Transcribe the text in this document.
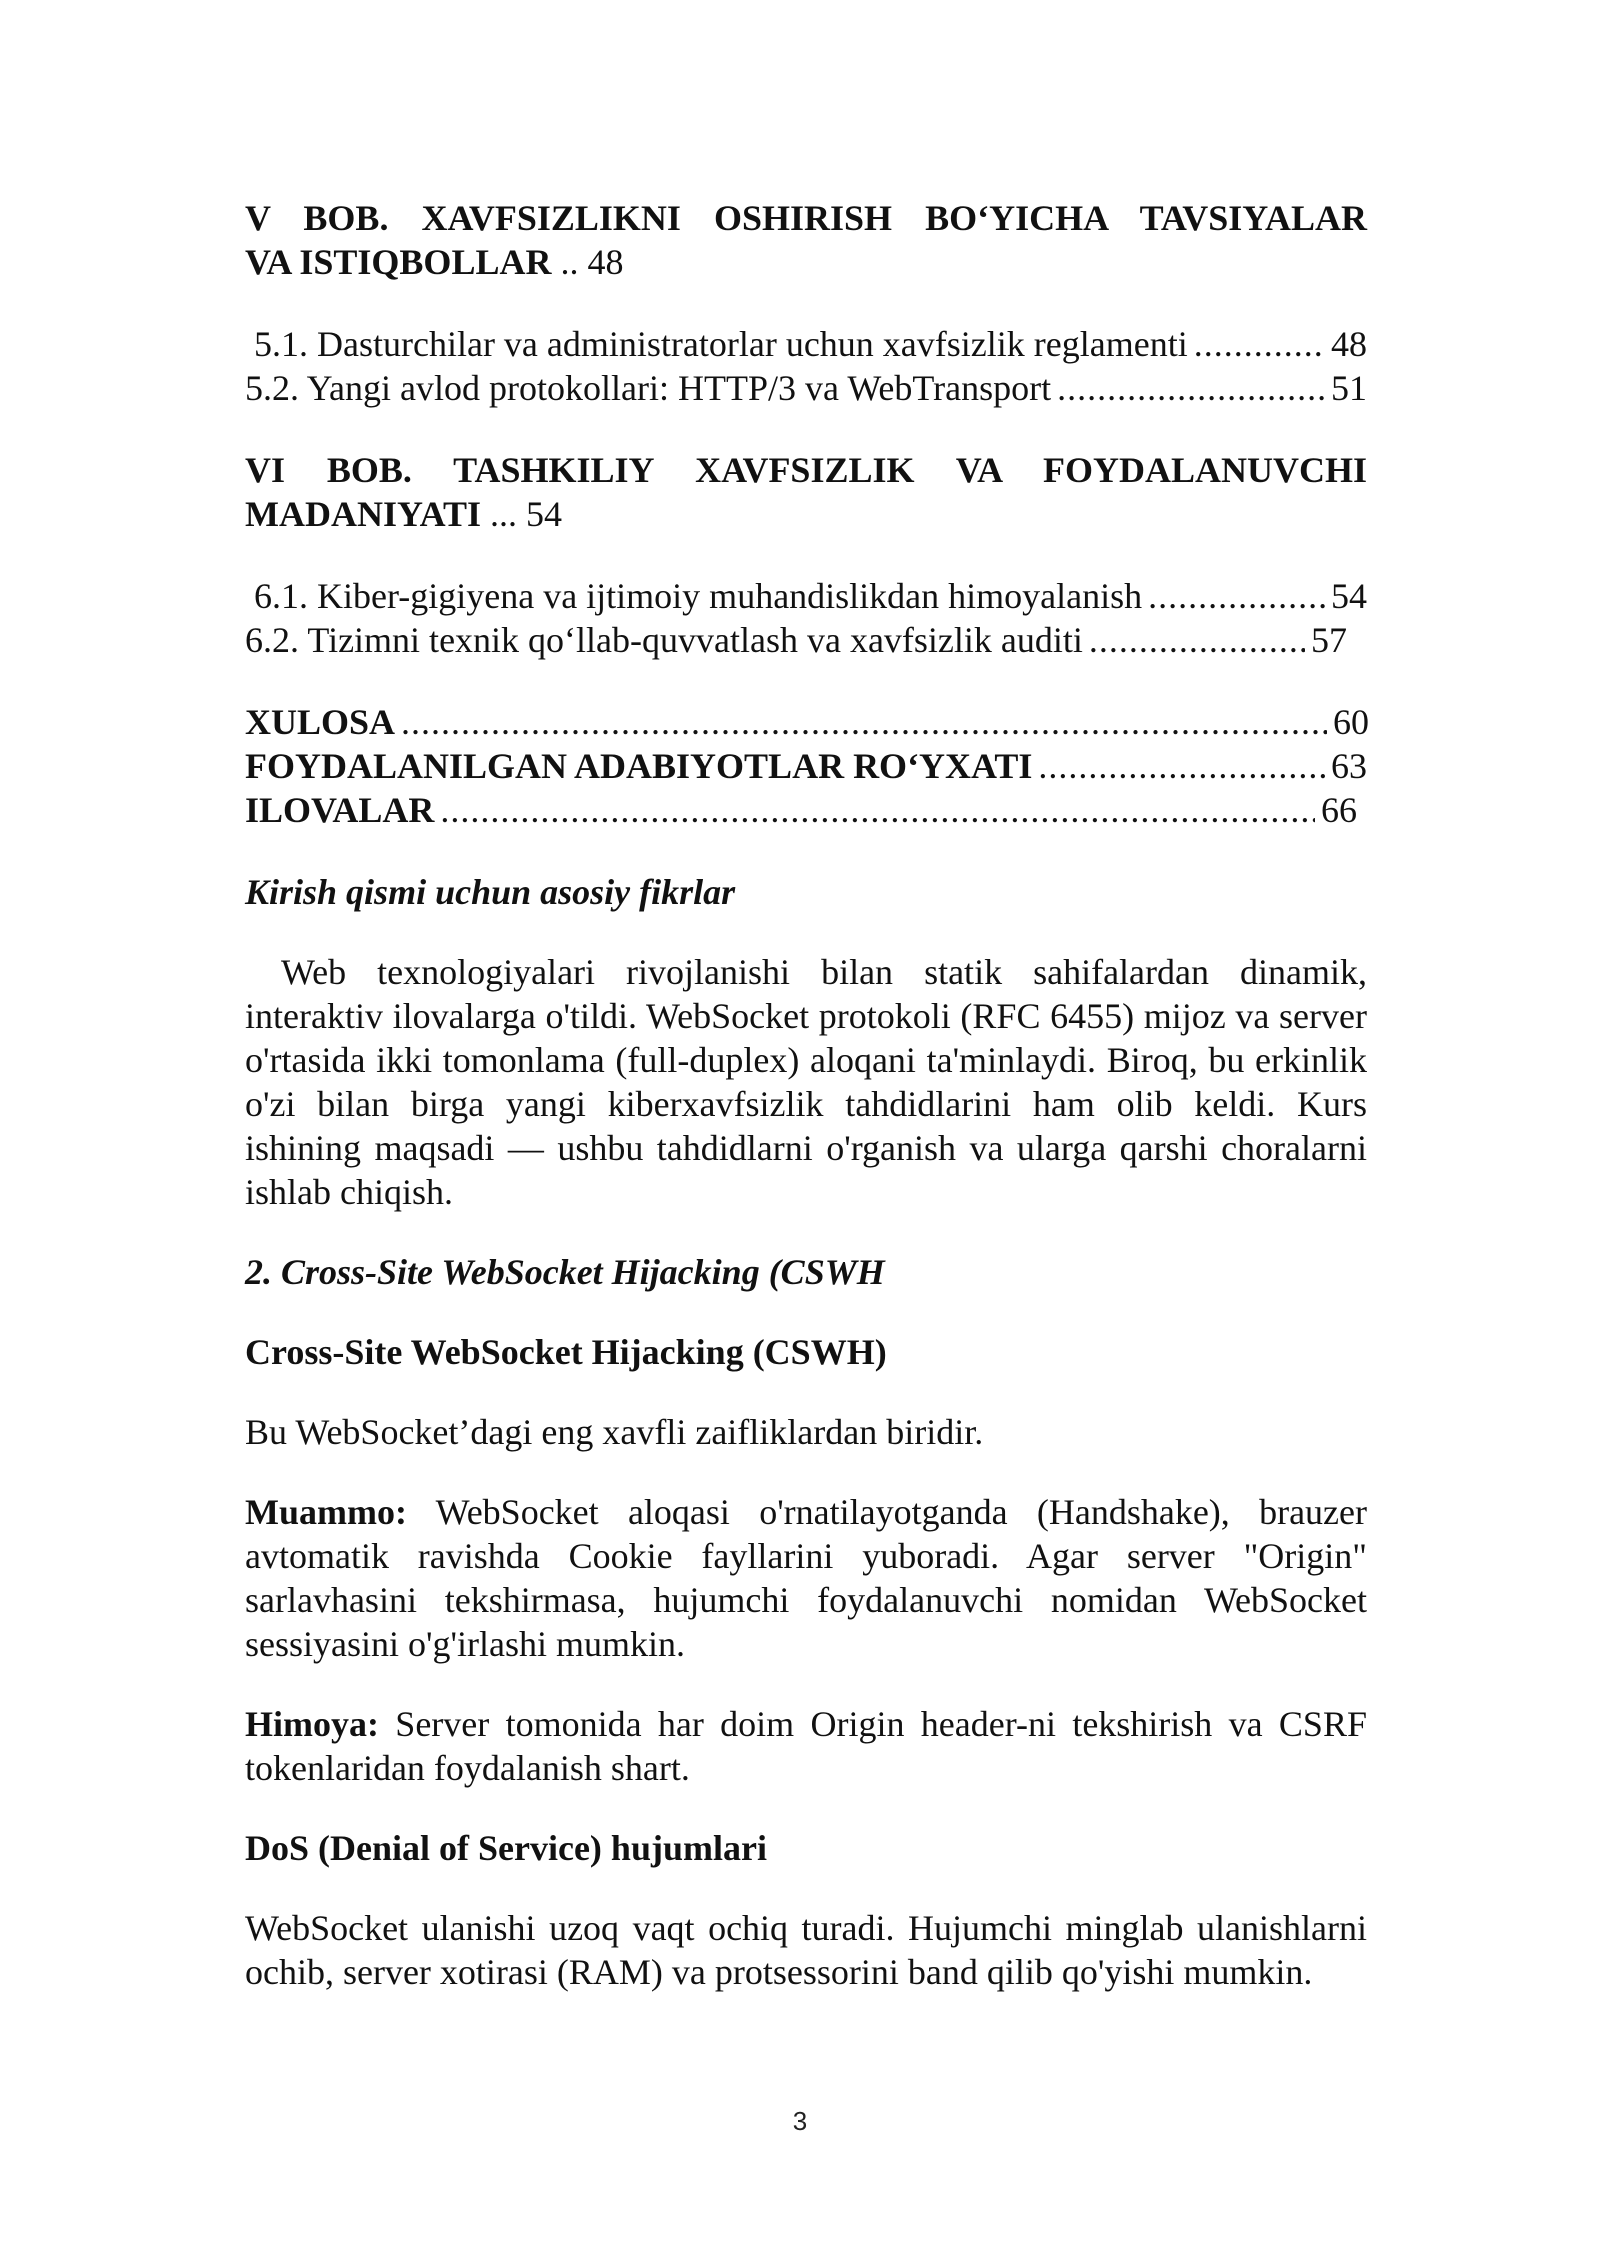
V BOB. XAVFSIZLIKNI OSHIRISH BO‘YICHA TAVSIYALAR
VA ISTIQBOLLAR .. 48
5.1. Dasturchilar va administratorlar uchun xavfsizlik reglamenti .....	48
5.2. Yangi avlod protokollari: HTTP/3 va WebTransport .....	51
VI BOB. TASHKILIY XAVFSIZLIK VA FOYDALANUVCHI
MADANIYATI ... 54
6.1. Kiber-gigiyena va ijtimoiy muhandislikdan himoyalanish .....	54
6.2. Tizimni texnik qo‘llab-quvvatlash va xavfsizlik auditi .....	57
XULOSA .....	60
FOYDALANILGAN ADABIYOTLAR RO‘YXATI .....	63
ILOVALAR .....	66
Kirish qismi uchun asosiy fikrlar

Web texnologiyalari rivojlanishi bilan statik sahifalardan dinamik, interaktiv ilovalarga o'tildi. WebSocket protokoli (RFC 6455) mijoz va server o'rtasida ikki tomonlama (full-duplex) aloqani ta'minlaydi. Biroq, bu erkinlik o'zi bilan birga yangi kiberxavfsizlik tahdidlarini ham olib keldi. Kurs ishining maqsadi — ushbu tahdidlarni o'rganish va ularga qarshi choralarni ishlab chiqish.

2. Cross-Site WebSocket Hijacking (CSWH
Cross-Site WebSocket Hijacking (CSWH)

Bu WebSocket’dagi eng xavfli zaifliklardan biridir.

Muammo: WebSocket aloqasi o'rnatilayotganda (Handshake), brauzer avtomatik ravishda Cookie fayllarini yuboradi. Agar server "Origin" sarlavhasini tekshirmasa, hujumchi foydalanuvchi nomidan WebSocket sessiyasini o'g'irlashi mumkin.

Himoya: Server tomonida har doim Origin header-ni tekshirish va CSRF tokenlaridan foydalanish shart.

DoS (Denial of Service) hujumlari

WebSocket ulanishi uzoq vaqt ochiq turadi. Hujumchi minglab ulanishlarni ochib, server xotirasi (RAM) va protsessorini band qilib qo'yishi mumkin.

3
